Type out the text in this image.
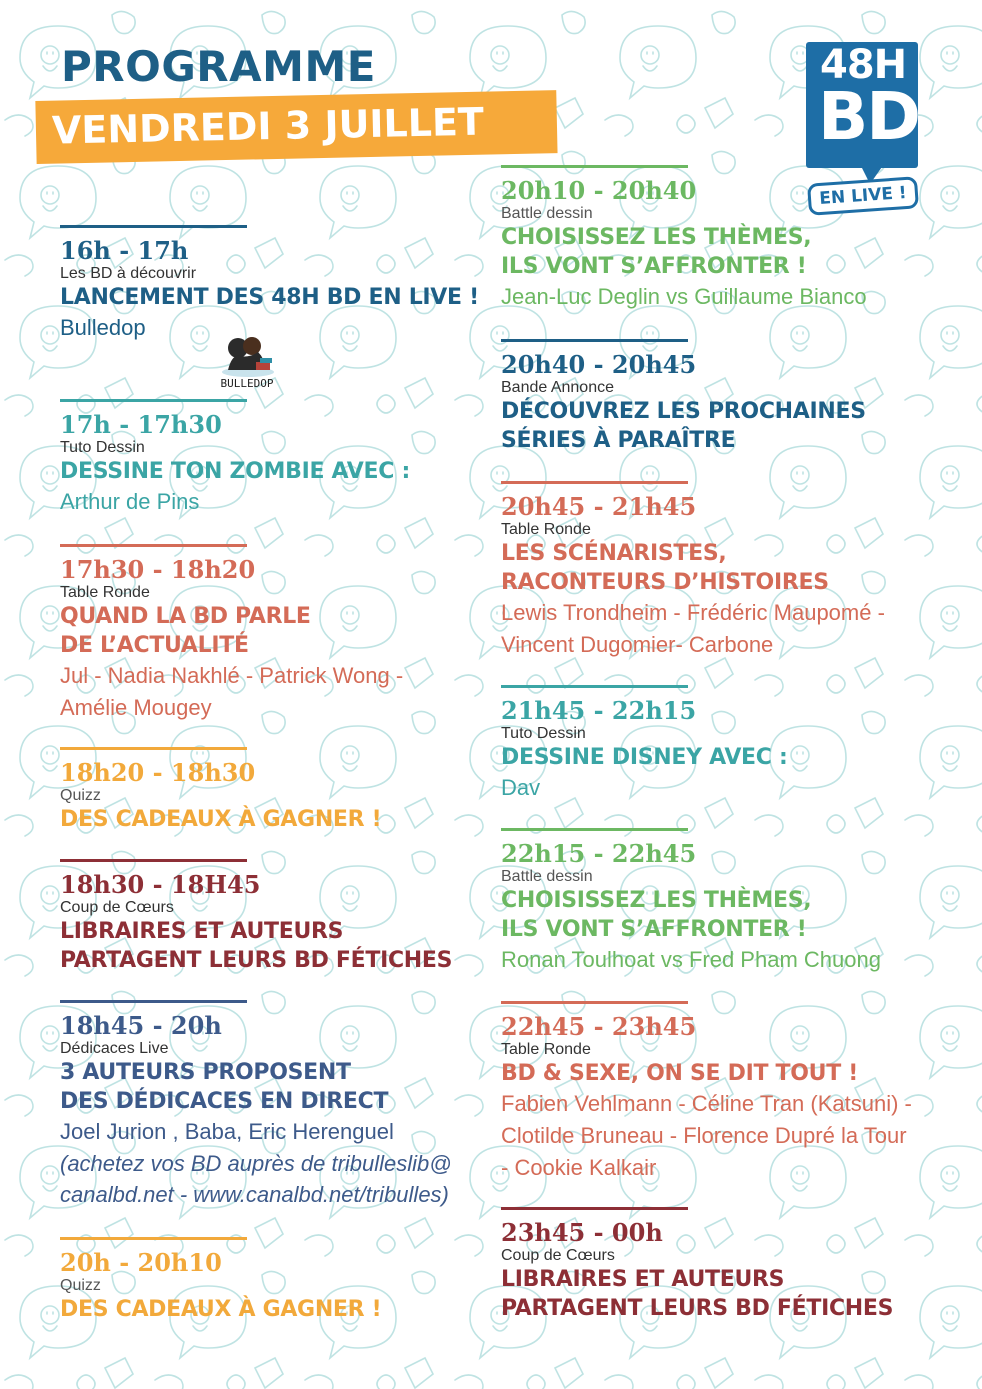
PROGRAMME
VENDREDI 3 JUILLET
48H
BD
EN LIVE !
16h - 17h
Les BD à découvrir
LANCEMENT DES 48H BD EN LIVE !
Bulledop
BULLEDOP
17h - 17h30
Tuto Dessin
DESSINE TON ZOMBIE AVEC :
Arthur de Pins
17h30 - 18h20
Table Ronde
QUAND LA BD PARLE
DE L’ACTUALITÉ
Jul - Nadia Nakhlé - Patrick Wong -
Amélie Mougey
18h20 - 18h30
Quizz
DES CADEAUX À GAGNER !
18h30 - 18H45
Coup de Cœurs
LIBRAIRES ET AUTEURS
PARTAGENT LEURS BD FÉTICHES
18h45 - 20h
Dédicaces Live
3 AUTEURS PROPOSENT
DES DÉDICACES EN DIRECT
Joel Jurion , Baba, Eric Herenguel
(achetez vos BD auprès de tribulleslib@
canalbd.net - www.canalbd.net/tribulles)
20h - 20h10
Quizz
DES CADEAUX À GAGNER !
20h10 - 20h40
Battle dessin
CHOISISSEZ LES THÈMES,
ILS VONT S’AFFRONTER !
Jean-Luc Deglin vs Guillaume Bianco
20h40 - 20h45
Bande Annonce
DÉCOUVREZ LES PROCHAINES
SÉRIES À PARAÎTRE
20h45 - 21h45
Table Ronde
LES SCÉNARISTES,
RACONTEURS D’HISTOIRES
Lewis Trondheim - Frédéric Maupomé -
Vincent Dugomier- Carbone
21h45 - 22h15
Tuto Dessin
DESSINE DISNEY AVEC :
Dav
22h15 - 22h45
Battle dessin
CHOISISSEZ LES THÈMES,
ILS VONT S’AFFRONTER !
Ronan Toulhoat vs Fred Pham Chuong
22h45 - 23h45
Table Ronde
BD & SEXE, ON SE DIT TOUT !
Fabien Vehlmann - Céline Tran (Katsuni) -
Clotilde Bruneau - Florence Dupré la Tour
- Cookie Kalkair
23h45 - 00h
Coup de Cœurs
LIBRAIRES ET AUTEURS
PARTAGENT LEURS BD FÉTICHES
